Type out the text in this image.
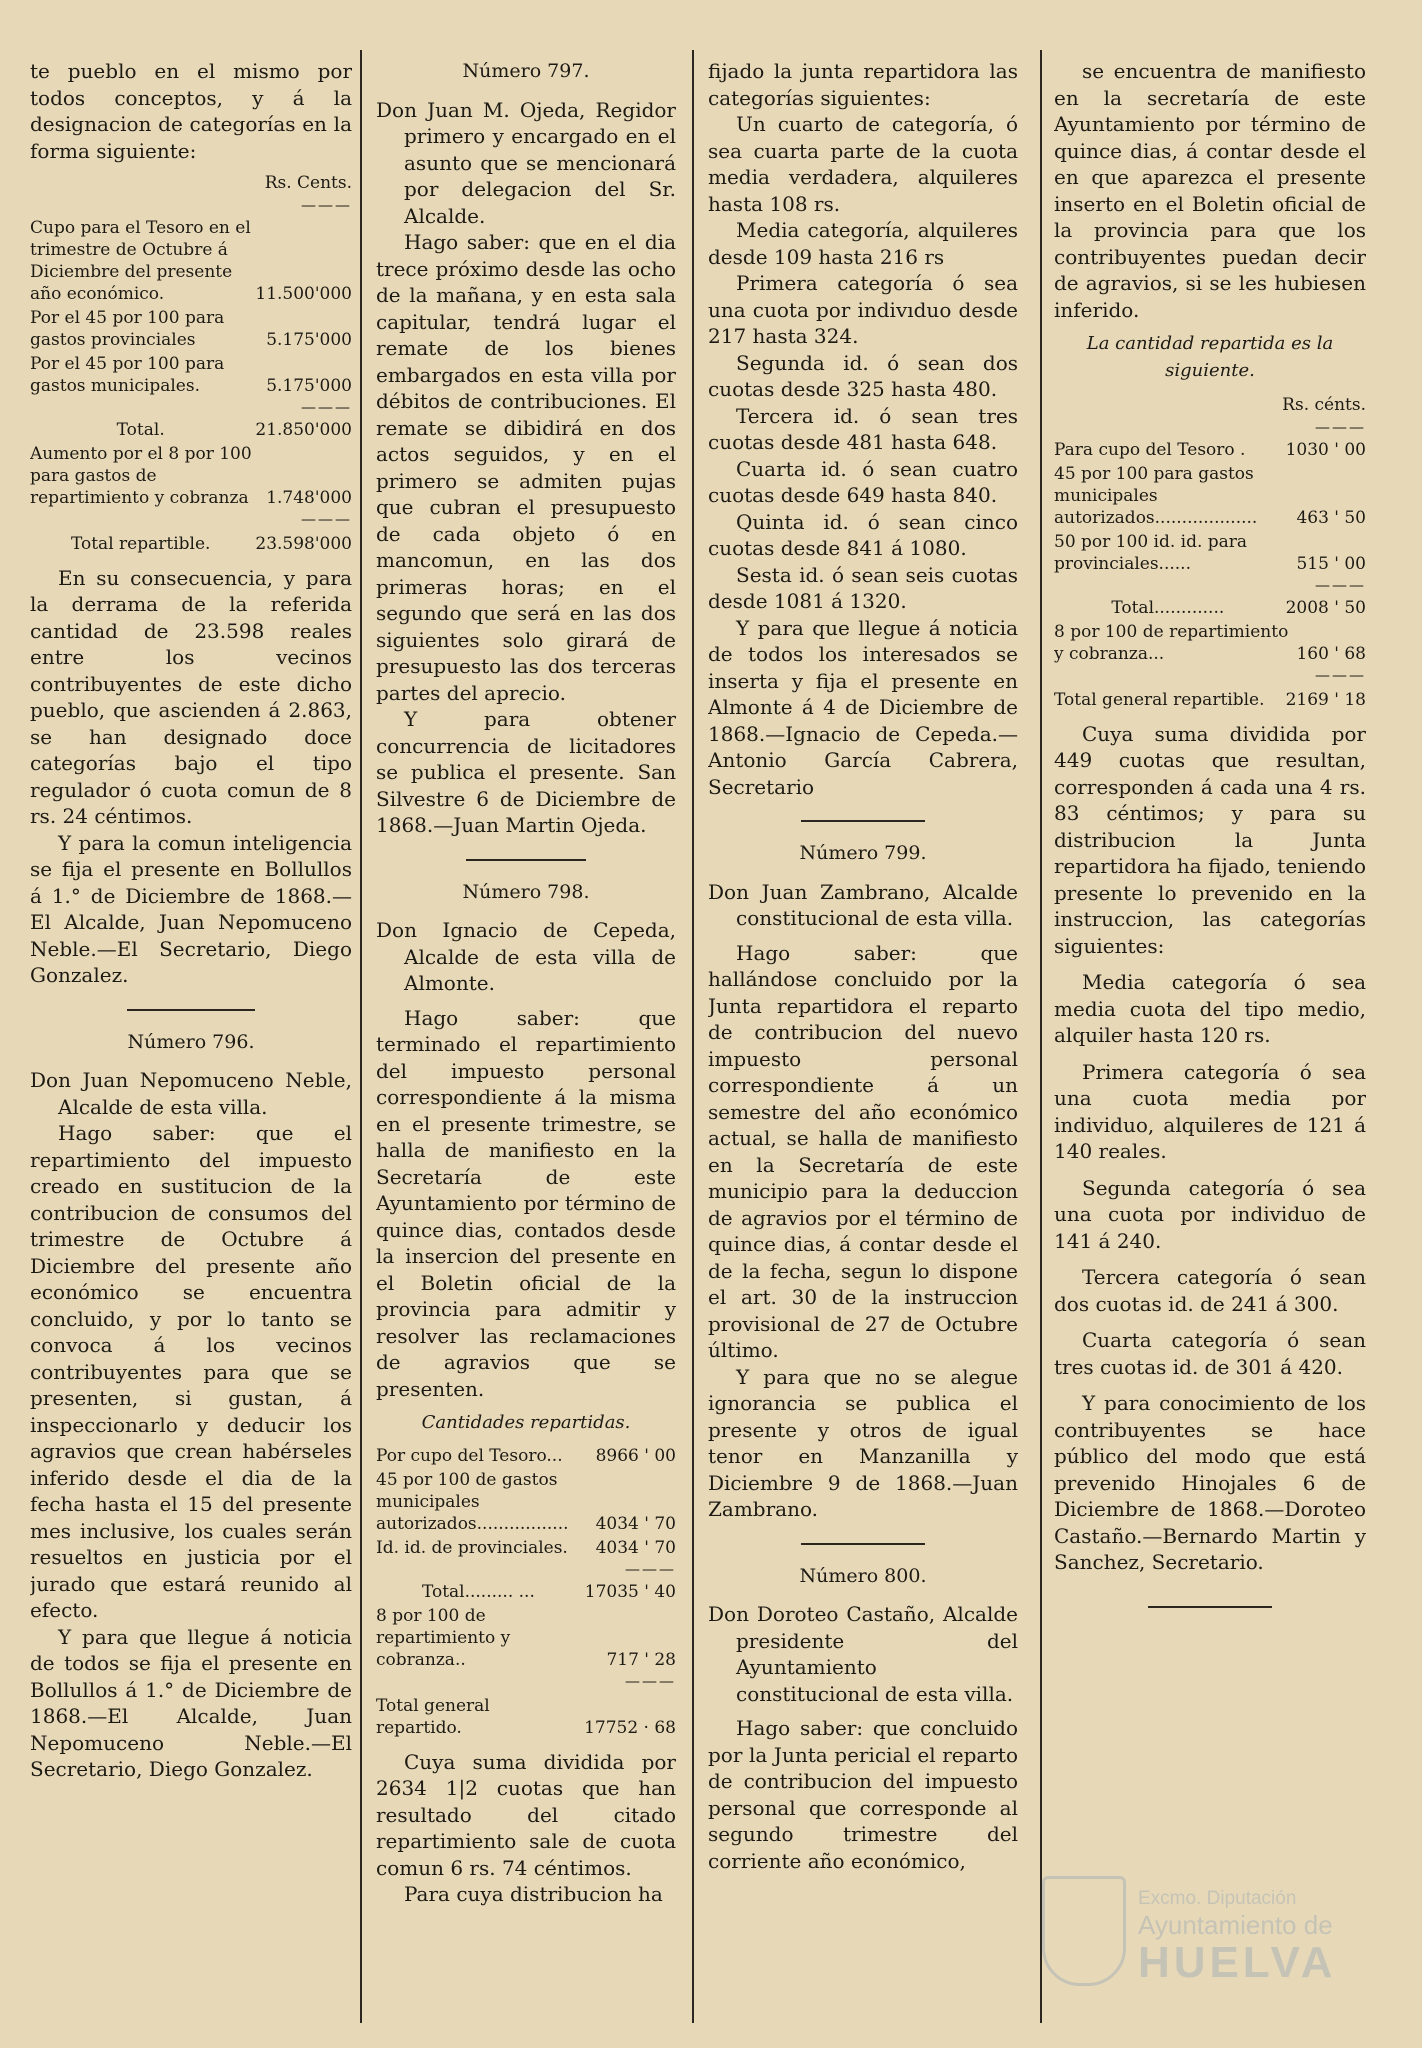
te pueblo en el mismo por todos conceptos, y á la designacion de categorías en la forma siguiente:

Rs. Cents.

———

Cupo para el Tesoro en el trimestre de Octubre á Diciembre del presente año económico.	11.500'000
Por el 45 por 100 para gastos provinciales	5.175'000
Por el 45 por 100 para gastos municipales.	5.175'000

———

Total.	21.850'000
Aumento por el 8 por 100 para gastos de repartimiento y cobranza	1.748'000

———

Total repartible.	23.598'000

En su consecuencia, y para la derrama de la referida cantidad de 23.598 reales entre los vecinos contribuyentes de este dicho pueblo, que ascienden á 2.863, se han designado doce categorías bajo el tipo regulador ó cuota comun de 8 rs. 24 céntimos.

Y para la comun inteligencia se fija el presente en Bollullos á 1.° de Diciembre de 1868.—El Alcalde, Juan Nepomuceno Neble.—El Secretario, Diego Gonzalez.

Número 796.

Don Juan Nepomuceno Neble, Alcalde de esta villa.

Hago saber: que el repartimiento del impuesto creado en sustitucion de la contribucion de consumos del trimestre de Octubre á Diciembre del presente año económico se encuentra concluido, y por lo tanto se convoca á los vecinos contribuyentes para que se presenten, si gustan, á inspeccionarlo y deducir los agravios que crean habérseles inferido desde el dia de la fecha hasta el 15 del presente mes inclusive, los cuales serán resueltos en justicia por el jurado que estará reunido al efecto.

Y para que llegue á noticia de todos se fija el presente en Bollullos á 1.° de Diciembre de 1868.—El Alcalde, Juan Nepomuceno Neble.—El Secretario, Diego Gonzalez.

Número 797.

Don Juan M. Ojeda, Regidor primero y encargado en el asunto que se mencionará por delegacion del Sr. Alcalde.

Hago saber: que en el dia trece próximo desde las ocho de la mañana, y en esta sala capitular, tendrá lugar el remate de los bienes embargados en esta villa por débitos de contribuciones. El remate se dibidirá en dos actos seguidos, y en el primero se admiten pujas que cubran el presupuesto de cada objeto ó en mancomun, en las dos primeras horas; en el segundo que será en las dos siguientes solo girará de presupuesto las dos terceras partes del aprecio.

Y para obtener concurrencia de licitadores se publica el presente. San Silvestre 6 de Diciembre de 1868.—Juan Martin Ojeda.

Número 798.

Don Ignacio de Cepeda, Alcalde de esta villa de Almonte.

Hago saber: que terminado el repartimiento del impuesto personal correspondiente á la misma en el presente trimestre, se halla de manifiesto en la Secretaría de este Ayuntamiento por término de quince dias, contados desde la insercion del presente en el Boletin oficial de la provincia para admitir y resolver las reclamaciones de agravios que se presenten.

Cantidades repartidas.

Por cupo del Tesoro...	8966 ' 00
45 por 100 de gastos municipales autorizados.................	4034 ' 70
Id. id. de provinciales.	4034 ' 70

———

Total......... ...	17035 ' 40
8 por 100 de repartimiento y cobranza..	717 ' 28

———

Total general repartido.	17752 · 68

Cuya suma dividida por 2634 1|2 cuotas que han resultado del citado repartimiento sale de cuota comun 6 rs. 74 céntimos.

Para cuya distribucion ha

fijado la junta repartidora las categorías siguientes:

Un cuarto de categoría, ó sea cuarta parte de la cuota media verdadera, alquileres hasta 108 rs.

Media categoría, alquileres desde 109 hasta 216 rs

Primera categoría ó sea una cuota por indivıduo desde 217 hasta 324.

Segunda id. ó sean dos cuotas desde 325 hasta 480.

Tercera id. ó sean tres cuotas desde 481 hasta 648.

Cuarta id. ó sean cuatro cuotas desde 649 hasta 840.

Quinta id. ó sean cinco cuotas desde 841 á 1080.

Sesta id. ó sean seis cuotas desde 1081 á 1320.

Y para que llegue á noticia de todos los interesados se inserta y fija el presente en Almonte á 4 de Diciembre de 1868.—Ignacio de Cepeda.—Antonio García Cabrera, Secretario

Número 799.

Don Juan Zambrano, Alcalde constitucional de esta villa.

Hago saber: que hallándose concluido por la Junta repartidora el reparto de contribucion del nuevo impuesto personal correspondiente á un semestre del año económico actual, se halla de manifiesto en la Secretaría de este municipio para la deduccion de agravios por el término de quince dias, á contar desde el de la fecha, segun lo dispone el art. 30 de la instruccion provisional de 27 de Octubre último.

Y para que no se alegue ignorancia se publica el presente y otros de igual tenor en Manzanilla y Diciembre 9 de 1868.—Juan Zambrano.

Número 800.

Don Doroteo Castaño, Alcalde presidente del Ayuntamiento constitucional de esta villa.

Hago saber: que concluido por la Junta pericial el reparto de contribucion del impuesto personal que corresponde al segundo trimestre del corriente año económico,

se encuentra de manifiesto en la secretaría de este Ayuntamiento por término de quince dias, á contar desde el en que aparezca el presente inserto en el Boletin oficial de la provincia para que los contribuyentes puedan decir de agravios, si se les hubiesen inferido.

La cantidad repartida es la siguiente.

Rs. cénts.

———

Para cupo del Tesoro .	1030 ' 00
45 por 100 para gastos municipales autorizados...................	463 ' 50
50 por 100 id. id. para provinciales......	515 ' 00

———

Total.............	2008 ' 50
8 por 100 de repartimiento y cobranza...	160 ' 68

———

Total general repartible.	2169 ' 18

Cuya suma dividida por 449 cuotas que resultan, corresponden á cada una 4 rs. 83 céntimos; y para su distribucion la Junta repartidora ha fijado, teniendo presente lo prevenido en la instruccion, las categorías siguientes:

Media categoría ó sea media cuota del tipo medio, alquiler hasta 120 rs.

Primera categoría ó sea una cuota media por individuo, alquileres de 121 á 140 reales.

Segunda categoría ó sea una cuota por individuo de 141 á 240.

Tercera categoría ó sean dos cuotas id. de 241 á 300.

Cuarta categoría ó sean tres cuotas id. de 301 á 420.

Y para conocimiento de los contribuyentes se hace público del modo que está prevenido Hinojales 6 de Diciembre de 1868.—Doroteo Castaño.—Bernardo Martin y Sanchez, Secretario.

Excmo. Diputación
Ayuntamiento de
HUELVA
